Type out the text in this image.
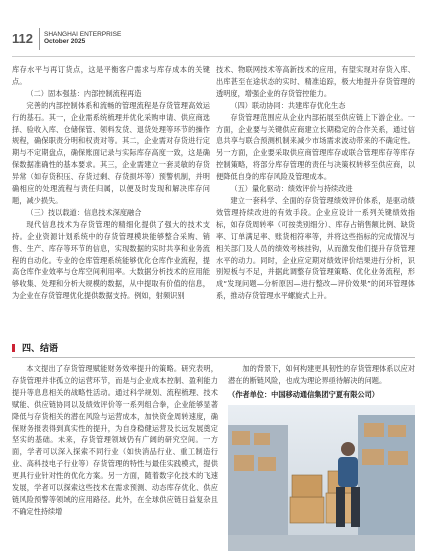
112 SHANGHAI ENTERPRISE
October 2025

库存水平与再订货点，这是平衡客户需求与库存成本的关键点。

（二）固本强基：内部控制流程再造

完善的内部控制体系和流畅的管理流程是存货管理高效运行的基石。其一，企业需系统梳理并优化采购申请、供应商选择、验收入库、仓储保管、领料发货、退货处理等环节的操作规程，确保职责分明和权责对等。其二，企业需对存货进行定期与不定期盘点，确保账面记录与实际库存高度一致，这是确保数据准确性的基本要求。其三，企业需建立一套灵敏的存货异常（如存货积压、存货过剩、存货损坏等）预警机制，并明确相应的处理流程与责任归属，以便及时发现和解决库存问题，减少损失。

（三）技以载道：信息技术深度融合

现代信息技术为存货管理的精细化提供了强大的技术支持。企业资源计划系统中的存货管理模块能够整合采购、销售、生产、库存等环节的信息，实现数据的实时共享和业务流程的自动化。专业的仓库管理系统能够优化仓库作业流程，提高仓库作业效率与仓库空间利用率。大数据分析技术的应用能够收集、处理和分析大规模的数据，从中提取有价值的信息，为企业在存货管理优化提供数据支持。例如，射频识别

技术、物联网技术等高新技术的应用，有望实现对存货入库、出库甚至在途状态的实时、精准追踪，极大地提升存货管理的透明度，增强企业的存货管控能力。

（四）联动协同：共建库存优化生态

存货管理范围应从企业内部拓展至供应链上下游企业。一方面，企业要与关键供应商建立长期稳定的合作关系，通过信息共享与联合预测机制来减少市场需求波动带来的不确定性。另一方面，企业要采取供应商管理库存或联合管理库存等库存控制策略，将部分库存管理的责任与决策权转移至供应商，以便降低自身的库存风险及管理成本。

（五）量化驱动：绩效评价与持续改进

建立一套科学、全面的存货管理绩效评价体系，是驱动绩效管理持续改进的有效手段。企业应设计一系列关键绩效指标，如存货周转率（可按类别细分）、库存占销售额比例、缺货率、订单满足率、账货相符率等，并将这些指标的完成情况与相关部门及人员的绩效考核挂钩，从而激发他们提升存货管理水平的动力。同时，企业应定期对绩效评价结果进行分析，识别短板与不足，并据此调整存货管理策略、优化业务流程，形成“发现问题—分析原因—进行整改—评价效果”的闭环管理体系，推动存货管理水平螺旋式上升。

四、结语

本文提出了存货管理赋能财务效率提升的策略。研究表明，存货管理并非孤立的运营环节，而是与企业成本控制、盈利能力提升等息息相关的战略性活动。通过科学规划、流程梳理、技术赋能、供应链协同以及绩效评价等一系列组合拳，企业能够显著降低与存货相关的潜在风险与运营成本，加快资金周转速度，确保财务报表得到真实性的提升，为自身稳健运营及长远发展奠定坚实的基础。未来，存货管理领域仍有广阔的研究空间。一方面，学者可以深入探索不同行业（如快消品行业、重工制造行业、高科技电子行业等）存货管理的特性与最佳实践模式，提供更具行业针对性的优化方案。另一方面，随着数字化技术的飞速发展，学者可以探索这些技术在需求预测、动态库存优化、供应链风险预警等领域的应用路径。此外，在全球供应链日益复杂且不确定性持续增

加的背景下，如何构建更具韧性的存货管理体系以应对潜在的断链风险，也成为理论界亟待解决的问题。

（作者单位：中国移动通信集团宁夏有限公司）
